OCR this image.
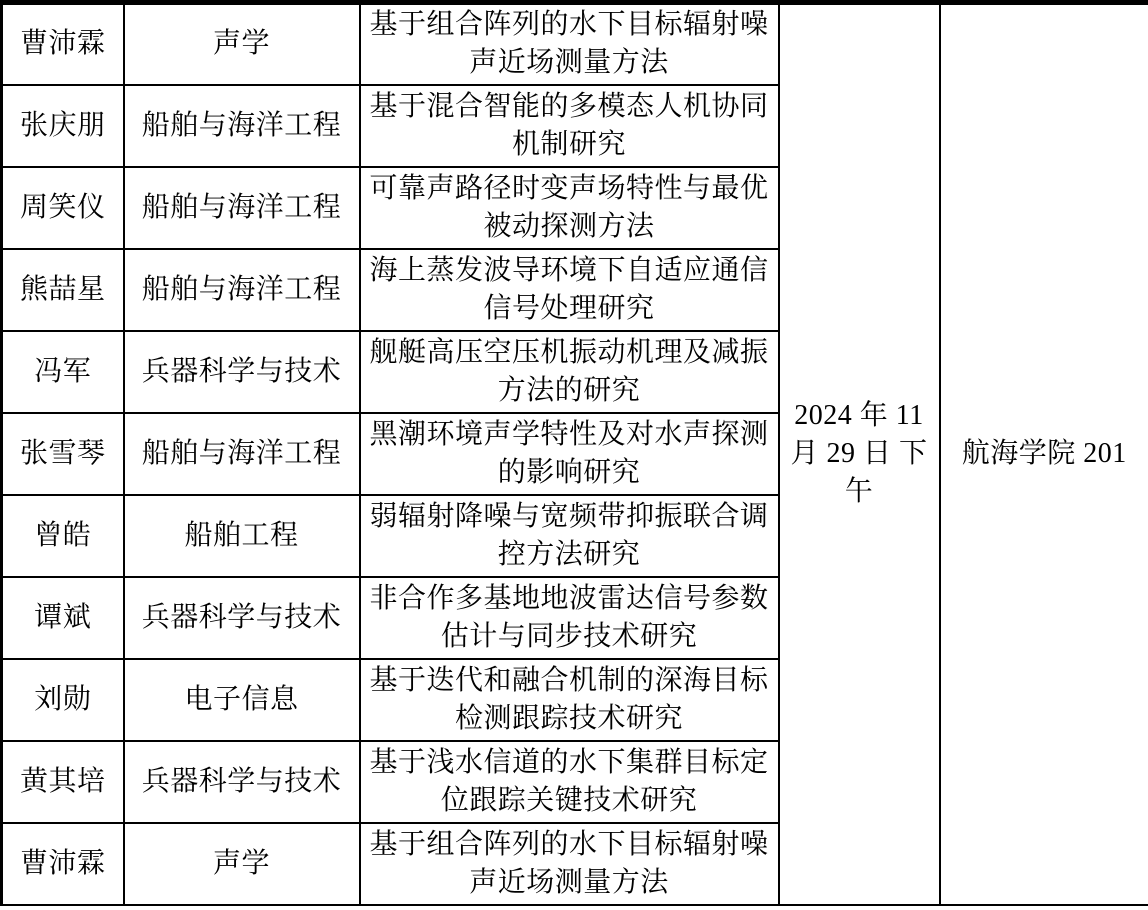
曹沛霖	声学	基于组合阵列的水下目标辐射噪声近场测量方法	2024 年 11
月 29 日 下
午	航海学院 201
张庆朋	船舶与海洋工程	基于混合智能的多模态人机协同机制研究		
周笑仪	船舶与海洋工程	可靠声路径时变声场特性与最优被动探测方法		
熊喆星	船舶与海洋工程	海上蒸发波导环境下自适应通信信号处理研究		
冯军	兵器科学与技术	舰艇高压空压机振动机理及减振方法的研究		
张雪琴	船舶与海洋工程	黑潮环境声学特性及对水声探测的影响研究		
曾皓	船舶工程	弱辐射降噪与宽频带抑振联合调控方法研究		
谭斌	兵器科学与技术	非合作多基地地波雷达信号参数估计与同步技术研究		
刘勋	电子信息	基于迭代和融合机制的深海目标检测跟踪技术研究		
黄其培	兵器科学与技术	基于浅水信道的水下集群目标定位跟踪关键技术研究		
曹沛霖	声学	基于组合阵列的水下目标辐射噪声近场测量方法		
